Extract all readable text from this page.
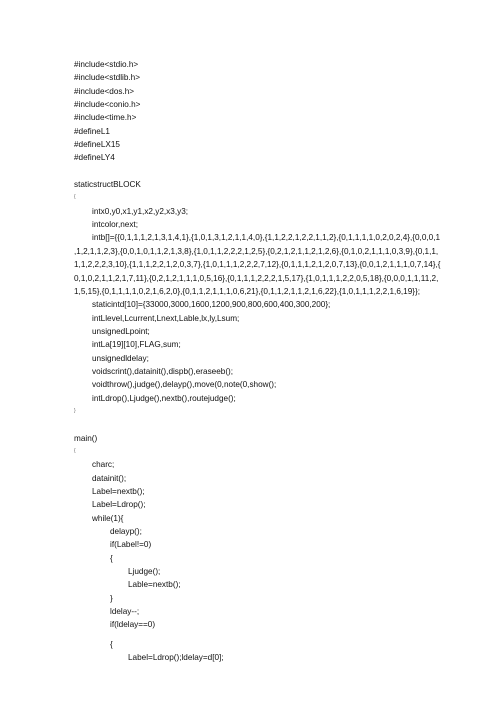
#include<stdio.h>
#include<stdlib.h>
#include<dos.h>
#include<conio.h>
#include<time.h>
#defineL1
#defineLX15
#defineLY4
staticstructBLOCK
{
intx0,y0,x1,y1,x2,y2,x3,y3;
intcolor,next;
intb[]={{0,1,1,1,2,1,3,1,4,1},{1,0,1,3,1,2,1,1,4,0},{1,1,2,2,1,2,2,1,1,2},{0,1,1,1,1,0,2,0,2,4},{0,0,0,1
,1,2,1,1,2,3},{0,0,1,0,1,1,2,1,3,8},{1,0,1,1,2,2,2,1,2,5},{0,2,1,2,1,1,2,1,2,6},{0,1,0,2,1,1,1,0,3,9},{0,1,1,
1,1,2,2,2,3,10},{1,1,1,2,2,1,2,0,3,7},{1,0,1,1,1,2,2,2,7,12},{0,1,1,1,2,1,2,0,7,13},{0,0,1,2,1,1,1,0,7,14},{
0,1,0,2,1,1,2,1,7,11},{0,2,1,2,1,1,1,0,5,16},{0,1,1,1,2,2,2,1,5,17},{1,0,1,1,1,2,2,0,5,18},{0,0,0,1,1,11,2,
1,5,15},{0,1,1,1,1,0,2,1,6,2,0},{0,1,1,2,1,1,1,0,6,21},{0,1,1,2,1,1,2,1,6,22},{1,0,1,1,1,2,2,1,6,19}};
staticintd[10]={33000,3000,1600,1200,900,800,600,400,300,200};
intLlevel,Lcurrent,Lnext,Lable,lx,ly,Lsum;
unsignedLpoint;
intLa[19][10],FLAG,sum;
unsignedldelay;
voidscrint(),datainit(),dispb(),eraseeb();
voidthrow(),judge(),delayp(),move(0,note(0,show();
intLdrop(),Ljudge(),nextb(),routejudge();
}
main()
{
charc;
datainit();
Label=nextb();
Label=Ldrop();
while(1){
delayp();
if(Label!=0)
{
Ljudge();
Lable=nextb();
}
ldelay--;
if(ldelay==0)
{
Label=Ldrop();ldelay=d[0];
